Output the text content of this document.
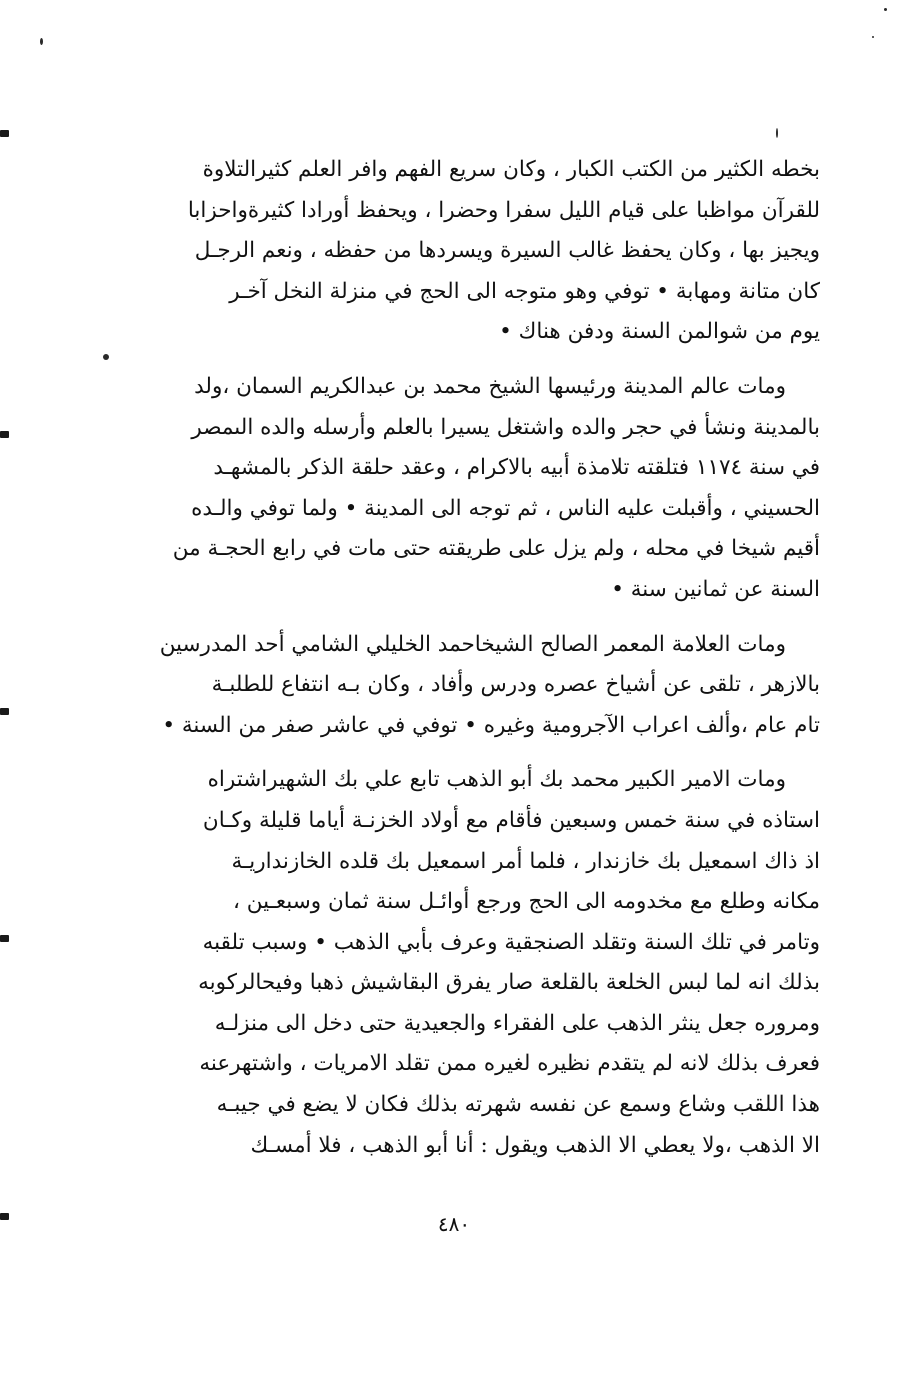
بخطه الكثير من الكتب الكبار ، وكان سريع الفهم وافر العلم كثيرالتلاوة
للقرآن مواظبا على قيام الليل سفرا وحضرا ، ويحفظ أورادا كثيرةواحزابا
ويجيز بها ، وكان يحفظ غالب السيرة ويسردها من حفظه ، ونعم الرجـل
كان متانة ومهابة • توفي وهو متوجه الى الحج في منزلة النخل آخـر
يوم من شوالمن السنة ودفن هناك •
ومات عالم المدينة ورئيسها الشيخ محمد بن عبدالكريم السمان ،ولد
بالمدينة ونشأ في حجر والده واشتغل يسيرا بالعلم وأرسله والده الىمصر
في سنة ١١٧٤ فتلقته تلامذة أبيه بالاكرام ، وعقد حلقة الذكر بالمشهـد
الحسيني ، وأقبلت عليه الناس ، ثم توجه الى المدينة • ولما توفي والـده
أقيم شيخا في محله ، ولم يزل على طريقته حتى مات في رابع الحجـة من
السنة عن ثمانين سنة •
ومات العلامة المعمر الصالح الشيخاحمد الخليلي الشامي أحد المدرسين
بالازهر ، تلقى عن أشياخ عصره ودرس وأفاد ، وكان بـه انتفاع للطلبـة
تام عام ،وألف اعراب الآجرومية وغيره • توفي في عاشر صفر من السنة •
ومات الامير الكبير محمد بك أبو الذهب تابع علي بك الشهيراشتراه
استاذه في سنة خمس وسبعين فأقام مع أولاد الخزنـة أياما قليلة وكـان
اذ ذاك اسمعيل بك خازندار ، فلما أمر اسمعيل بك قلده الخازنداريـة
مكانه وطلع مع مخدومه الى الحج ورجع أوائـل سنة ثمان وسبعـين ،
وتامر في تلك السنة وتقلد الصنجقية وعرف بأبي الذهب • وسبب تلقبه
بذلك انه لما لبس الخلعة بالقلعة صار يفرق البقاشيش ذهبا وفيحالركوبه
ومروره جعل ينثر الذهب على الفقراء والجعيدية حتى دخل الى منزلـه
فعرف بذلك لانه لم يتقدم نظيره لغيره ممن تقلد الامريات ، واشتهرعنه
هذا اللقب وشاع وسمع عن نفسه شهرته بذلك فكان لا يضع في جيبـه
الا الذهب ،ولا يعطي الا الذهب ويقول : أنا أبو الذهب ، فلا أمسـك
٤٨٠
